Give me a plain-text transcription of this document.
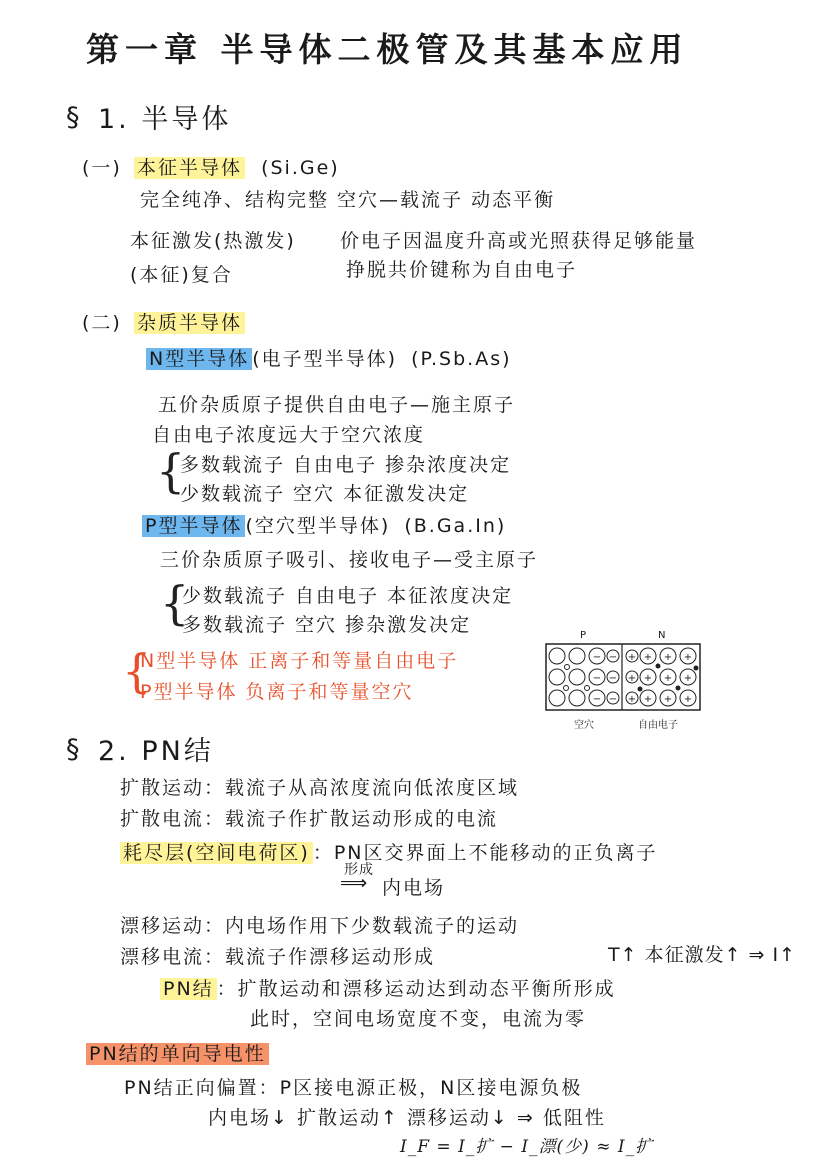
第一章 半导体二极管及其基本应用
§ 1. 半导体
(一) 本征半导体 (Si.Ge)
完全纯净、结构完整 空穴—载流子 动态平衡
本征激发(热激发) 价电子因温度升高或光照获得足够能量
(本征)复合	挣脱共价键称为自由电子
(二) 杂质半导体
N型半导体 (电子型半导体) (P.Sb.As)
五价杂质原子提供自由电子—施主原子
自由电子浓度远大于空穴浓度
{
多数载流子 自由电子 掺杂浓度决定
少数载流子 空穴 本征激发决定
P型半导体 (空穴型半导体) (B.Ga.In)
三价杂质原子吸引、接收电子—受主原子
{
少数载流子 自由电子 本征浓度决定
多数载流子 空穴 掺杂激发决定
{
N型半导体 正离子和等量自由电子
P型半导体 负离子和等量空穴
P	N
− −
− −
− −
+ + + +
+ + + +
+ + + +
空穴	自由电子
§ 2. PN结
扩散运动：载流子从高浓度流向低浓度区域
扩散电流：载流子作扩散运动形成的电流
耗尽层(空间电荷区) ：PN区交界面上不能移动的正负离子
形成
⟹ 内电场
漂移运动：内电场作用下少数载流子的运动
漂移电流：载流子作漂移运动形成	T↑ 本征激发↑ ⇒ I↑
PN结 ：扩散运动和漂移运动达到动态平衡所形成
此时，空间电场宽度不变，电流为零
PN结的单向导电性
PN结正向偏置：P区接电源正极，N区接电源负极
内电场↓ 扩散运动↑ 漂移运动↓ ⇒ 低阻性
I_F = I_扩 − I_漂(少) ≈ I_扩
